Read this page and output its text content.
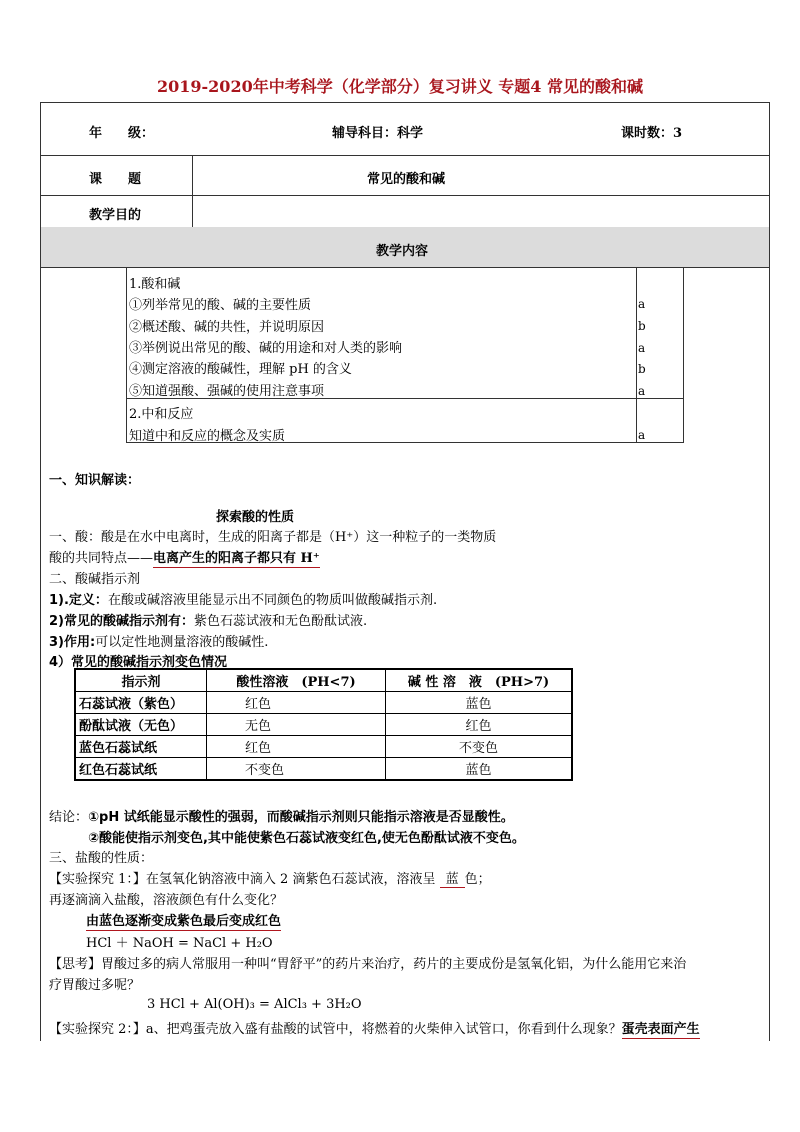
2019-2020年中考科学（化学部分）复习讲义 专题4 常见的酸和碱
年　　级：	辅导科目：科学	课时数：3
课　　题	常见的酸和碱
教学目的
教学内容
1.酸和碱
①列举常见的酸、碱的主要性质	a
②概述酸、碱的共性，并说明原因	b
③举例说出常见的酸、碱的用途和对人类的影响	a
④测定溶液的酸碱性，理解 pH 的含义	b
⑤知道强酸、强碱的使用注意事项	a
2.中和反应
知道中和反应的概念及实质	a
一、知识解读：
探索酸的性质
一、酸：酸是在水中电离时，生成的阳离子都是（H⁺）这一种粒子的一类物质
酸的共同特点——电离产生的阳离子都只有 H⁺
二、酸碱指示剂
1).定义：在酸或碱溶液里能显示出不同颜色的物质叫做酸碱指示剂.
2)常见的酸碱指示剂有：紫色石蕊试液和无色酚酞试液.
3)作用:可以定性地测量溶液的酸碱性.
4）常见的酸碱指示剂变色情况
指示剂	酸性溶液　(PH<7)	碱 性 溶　液　(PH>7)
石蕊试液（紫色）	红色	蓝色
酚酞试液（无色）	无色	红色
蓝色石蕊试纸	红色	不变色
红色石蕊试纸	不变色	蓝色
结论：①pH 试纸能显示酸性的强弱，而酸碱指示剂则只能指示溶液是否显酸性。
②酸能使指示剂变色,其中能使紫色石蕊试液变红色,使无色酚酞试液不变色。
三、盐酸的性质：
【实验探究 1：】在氢氧化钠溶液中滴入 2 滴紫色石蕊试液，溶液呈 蓝 色；
再逐滴滴入盐酸，溶液颜色有什么变化？
由蓝色逐渐变成紫色最后变成红色
HCl ＋ NaOH = NaCl + H₂O
【思考】胃酸过多的病人常服用一种叫“胃舒平”的药片来治疗，药片的主要成份是氢氧化铝，为什么能用它来治
疗胃酸过多呢？
3 HCl + Al(OH)₃ = AlCl₃ + 3H₂O
【实验探究 2：】a、把鸡蛋壳放入盛有盐酸的试管中，将燃着的火柴伸入试管口，你看到什么现象？蛋壳表面产生
